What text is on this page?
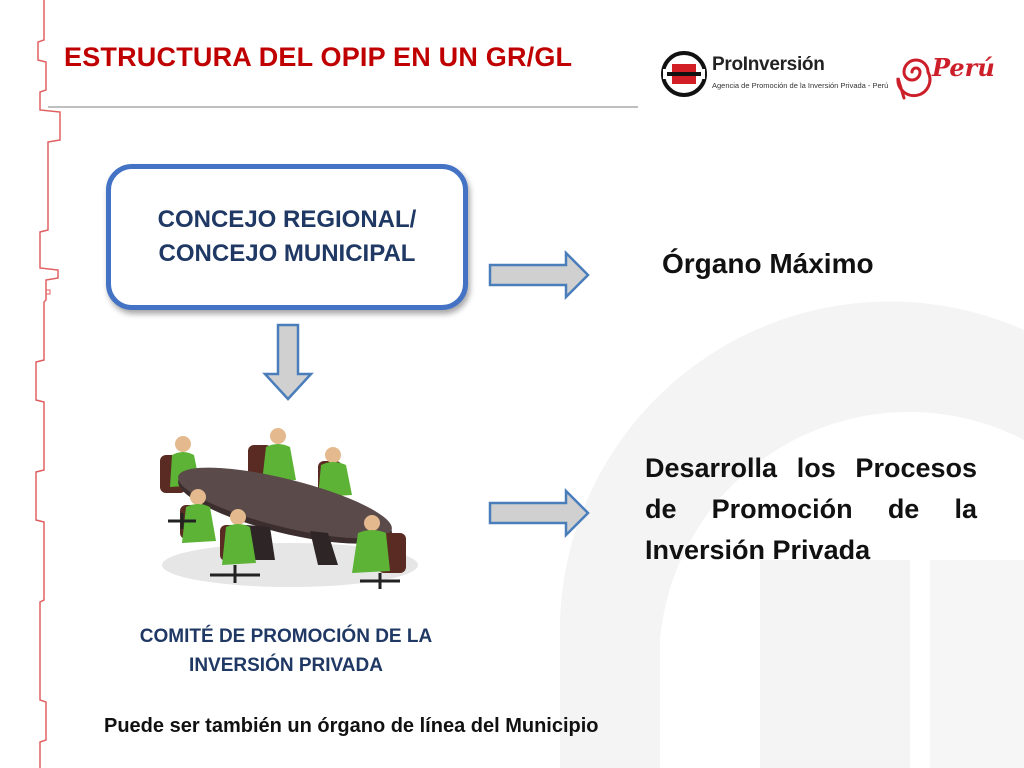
ESTRUCTURA DEL OPIP EN UN GR/GL	ProInversión
Agencia de Promoción de la Inversión Privada - Perú
Perú
CONCEJO REGIONAL/
CONCEJO MUNICIPAL	Órgano Máximo
Desarrolla los Procesos
de Promoción de la
Inversión Privada
COMITÉ DE PROMOCIÓN DE LA
INVERSIÓN PRIVADA
Puede ser también un órgano de línea del Municipio
